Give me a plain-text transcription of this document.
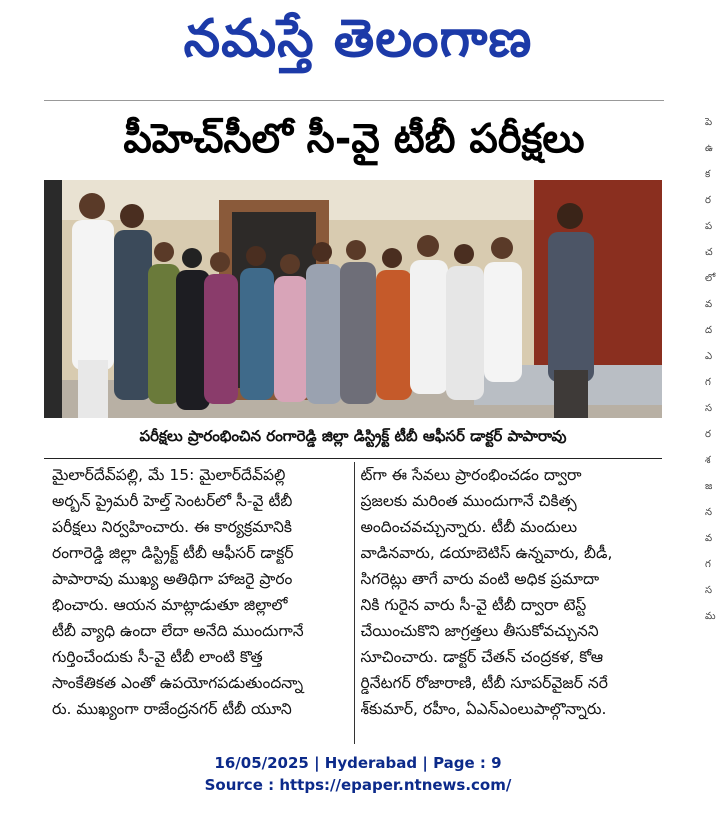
నమస్తే తెలంగాణ
పీహెచ్‌సీలో సీ-వై టీబీ పరీక్షలు
పరీక్షలు ప్రారంభించిన రంగారెడ్డి జిల్లా డిస్ట్రిక్ట్ టీబీ ఆఫీసర్ డాక్టర్ పాపారావు
మైలార్‌దేవ్‌పల్లి, మే 15: మైలార్‌దేవ్‌పల్లి
అర్బన్ ప్రైమరీ హెల్త్ సెంటర్‌లో సీ-వై టీబీ
పరీక్షలు నిర్వహించారు. ఈ కార్యక్రమానికి
రంగారెడ్డి జిల్లా డిస్ట్రిక్ట్ టీబీ ఆఫీసర్ డాక్టర్
పాపారావు ముఖ్య అతిథిగా హాజరై ప్రారం
భించారు. ఆయన మాట్లాడుతూ జిల్లాలో
టీబీ వ్యాధి ఉందా లేదా అనేది ముందుగానే
గుర్తించేందుకు సీ-వై టీబీ లాంటి కొత్త
సాంకేతికత ఎంతో ఉపయోగపడుతుందన్నా
రు. ముఖ్యంగా రాజేంద్రనగర్ టీబీ యూని
ట్‌గా ఈ సేవలు ప్రారంభించడం ద్వారా
ప్రజలకు మరింత ముందుగానే చికిత్స
అందించవచ్చున్నారు. టీబీ మందులు
వాడినవారు, డయాబెటిస్ ఉన్నవారు, బీడీ,
సిగరెట్లు తాగే వారు వంటి అధిక ప్రమాదా
నికి గురైన వారు సీ-వై టీబీ ద్వారా టెస్ట్
చేయించుకొని జాగ్రత్తలు తీసుకోవచ్చునని
సూచించారు. డాక్టర్ చేతన్ చంద్రకళ, కోఆ
ర్డినేటగర్ రోజారాణి, టీబీ సూపర్‌వైజర్ నరే
శ్‌కుమార్, రహీం, ఏఎన్‌ఎంలుపాల్గొన్నారు.
పె
ఉ
క
ర
ప
చ
లో
వ
ద
ఎ
గ
స
ర
శ
జ
న
వ
గ
స
మ
16/05/2025 | Hyderabad | Page : 9
Source : https://epaper.ntnews.com/
